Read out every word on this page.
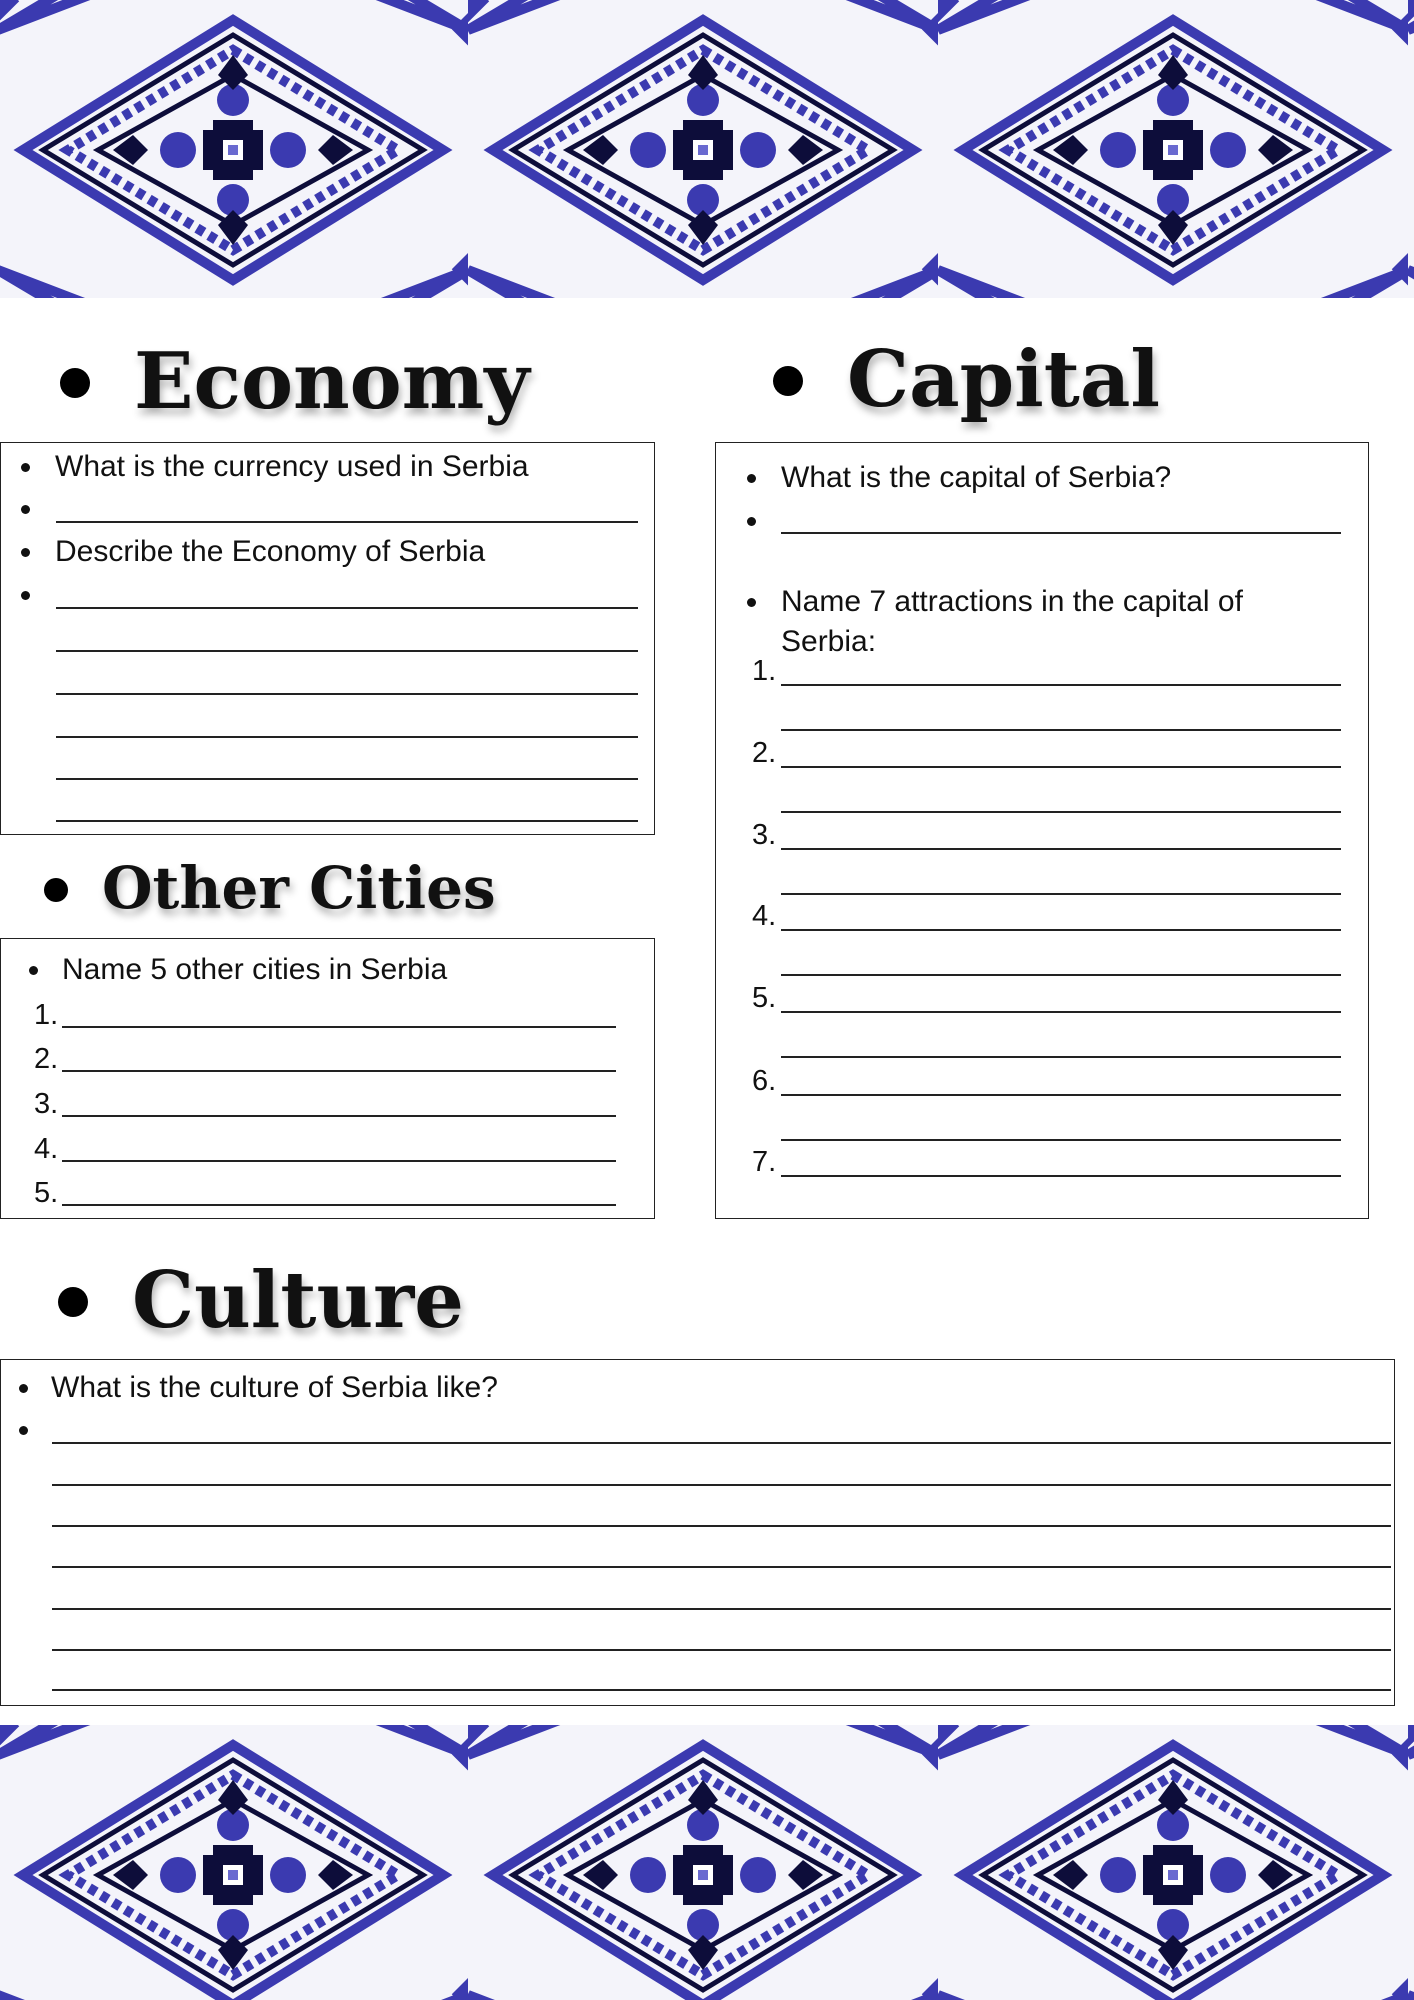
Economy
What is the currency used in Serbia
Describe the Economy of Serbia
Other Cities
Name 5 other cities in Serbia
1.
2.
3.
4.
5.
Capital
What is the capital of Serbia?
Name 7 attractions in the capital of
Serbia:
1.
2.
3.
4.
5.
6.
7.
Culture
What is the culture of Serbia like?
